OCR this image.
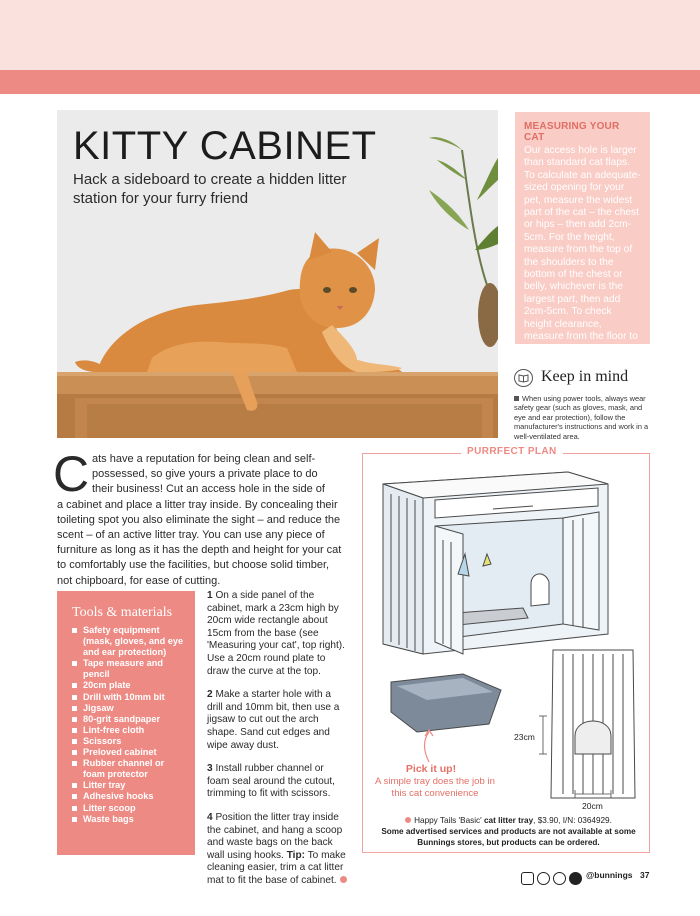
KITTY CABINET

Hack a sideboard to create a hidden litter station for your furry friend

MEASURING YOUR CAT

Our access hole is larger than standard cat flaps. To calculate an adequate-sized opening for your pet, measure the widest part of the cat – the chest or hips – then add 2cm-5cm. For the height, measure from the top of the shoulders to the bottom of the chest or belly, whichever is the largest part, then add 2cm-5cm. To check height clearance, measure from the floor to the cat's belly.

Keep in mind

When using power tools, always wear safety gear (such as gloves, mask, and eye and ear protection), follow the manufacturer's instructions and work in a well-ventilated area.

C ats have a reputation for being clean and self-
possessed, so give yours a private place to do
their business! Cut an access hole in the side of
a cabinet and place a litter tray inside. By concealing their toileting spot you also eliminate the sight – and reduce the scent – of an active litter tray. You can use any piece of furniture as long as it has the depth and height for your cat to comfortably use the facilities, but choose solid timber, not chipboard, for ease of cutting.

Tools & materials

Safety equipment (mask, gloves, and eye and ear protection)
Tape measure and pencil
20cm plate
Drill with 10mm bit
Jigsaw
80-grit sandpaper
Lint-free cloth
Scissors
Preloved cabinet
Rubber channel or foam protector
Litter tray
Adhesive hooks
Litter scoop
Waste bags

1 On a side panel of the cabinet, mark a 23cm high by 20cm wide rectangle about 15cm from the base (see 'Measuring your cat', top right). Use a 20cm round plate to draw the curve at the top.

2 Make a starter hole with a drill and 10mm bit, then use a jigsaw to cut out the arch shape. Sand cut edges and wipe away dust.

3 Install rubber channel or foam seal around the cutout, trimming to fit with scissors.

4 Position the litter tray inside the cabinet, and hang a scoop and waste bags on the back wall using hooks. Tip: To make cleaning easier, trim a cat litter mat to fit the base of cabinet.

PURRFECT PLAN
Pick it up!
A simple tray does the job in this cat convenience
23cm
20cm
Happy Tails 'Basic' cat litter tray, $3.90, I/N: 0364929.
Some advertised services and products are not available at some Bunnings stores, but products can be ordered.
@bunnings 37
